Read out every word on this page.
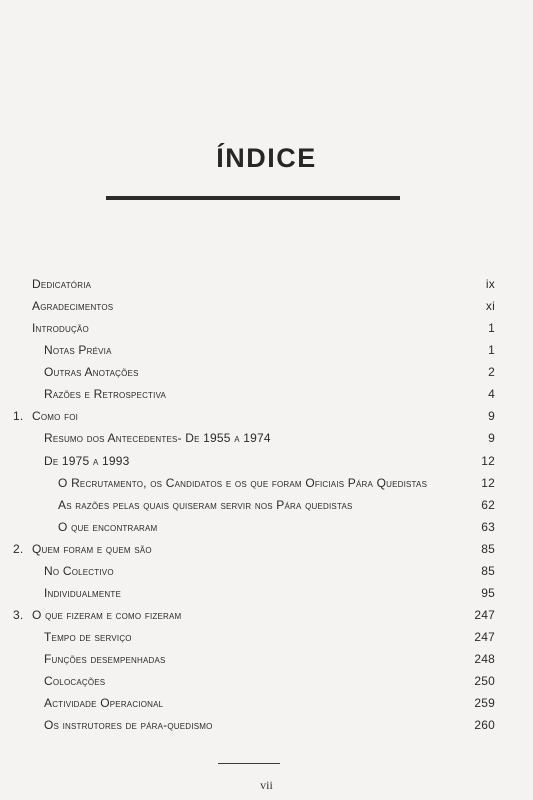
ÍNDICE
Dedicatória	ix
Agradecimentos	xi
Introdução	1
Notas Prévia	1
Outras Anotações	2
Razões e Retrospectiva	4
1. Como foi	9
Resumo dos Antecedentes- De 1955 a 1974	9
De 1975 a 1993	12
O Recrutamento, os Candidatos e os que foram Oficiais Pára Quedistas	12
As razões pelas quais quiseram servir nos Pára quedistas	62
O que encontraram	63
2. Quem foram e quem são	85
No Colectivo	85
Individualmente	95
3. O que fizeram e como fizeram	247
Tempo de serviço	247
Funções desempenhadas	248
Colocações	250
Actividade Operacional	259
Os instrutores de pára-quedismo	260
vii
